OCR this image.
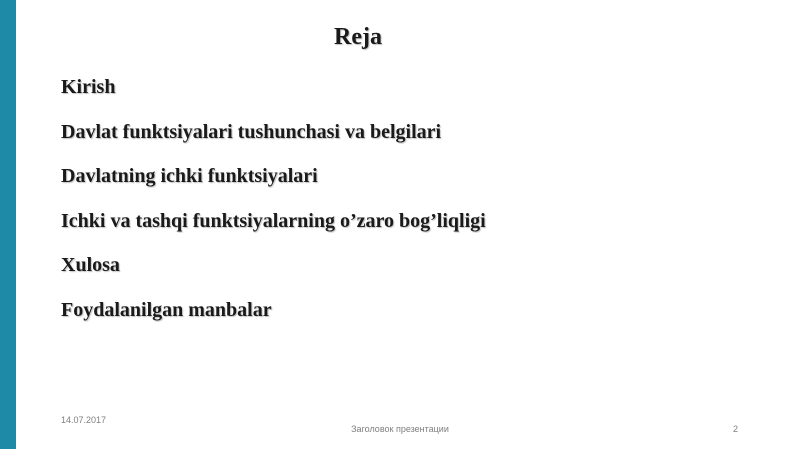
Reja
Kirish
Davlat funktsiyalari tushunchasi va belgilari
Davlatning ichki funktsiyalari
Ichki va tashqi funktsiyalarning o’zaro bog’liqligi
Xulosa
Foydalanilgan manbalar
14.07.2017
Заголовок презентации	2
